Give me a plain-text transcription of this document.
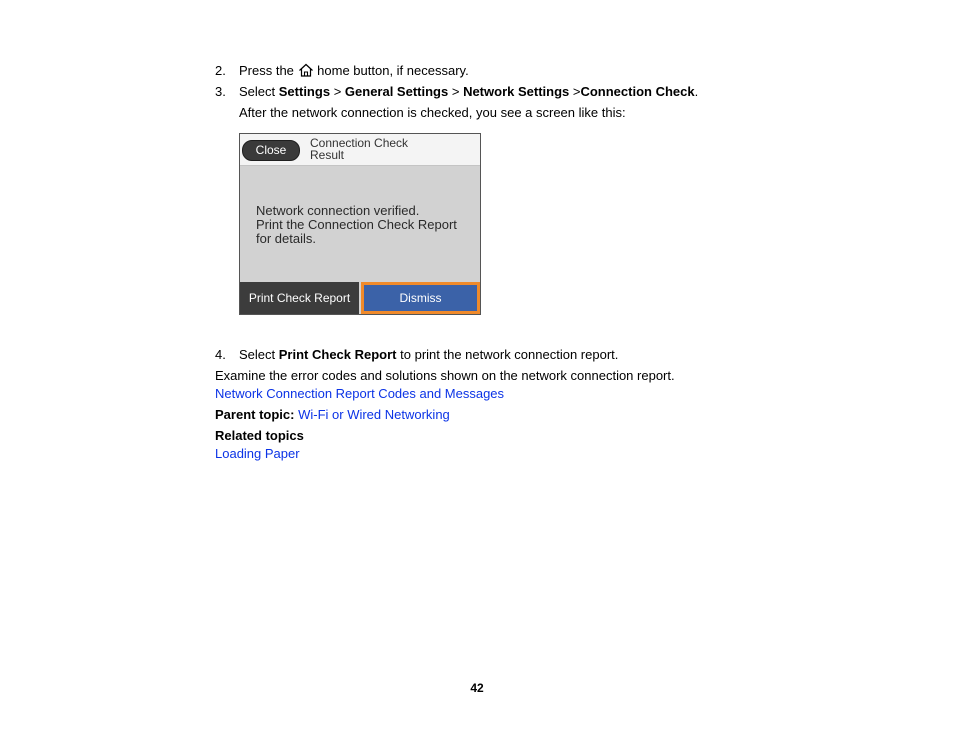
2. Press the home button, if necessary.
3. Select Settings > General Settings > Network Settings >Connection Check.
After the network connection is checked, you see a screen like this:
Close	Connection Check
Result
Network connection verified.
Print the Connection Check Report
for details.
Print Check Report	Dismiss
4. Select Print Check Report to print the network connection report.
Examine the error codes and solutions shown on the network connection report.
Network Connection Report Codes and Messages
Parent topic: Wi-Fi or Wired Networking
Related topics
Loading Paper
42
